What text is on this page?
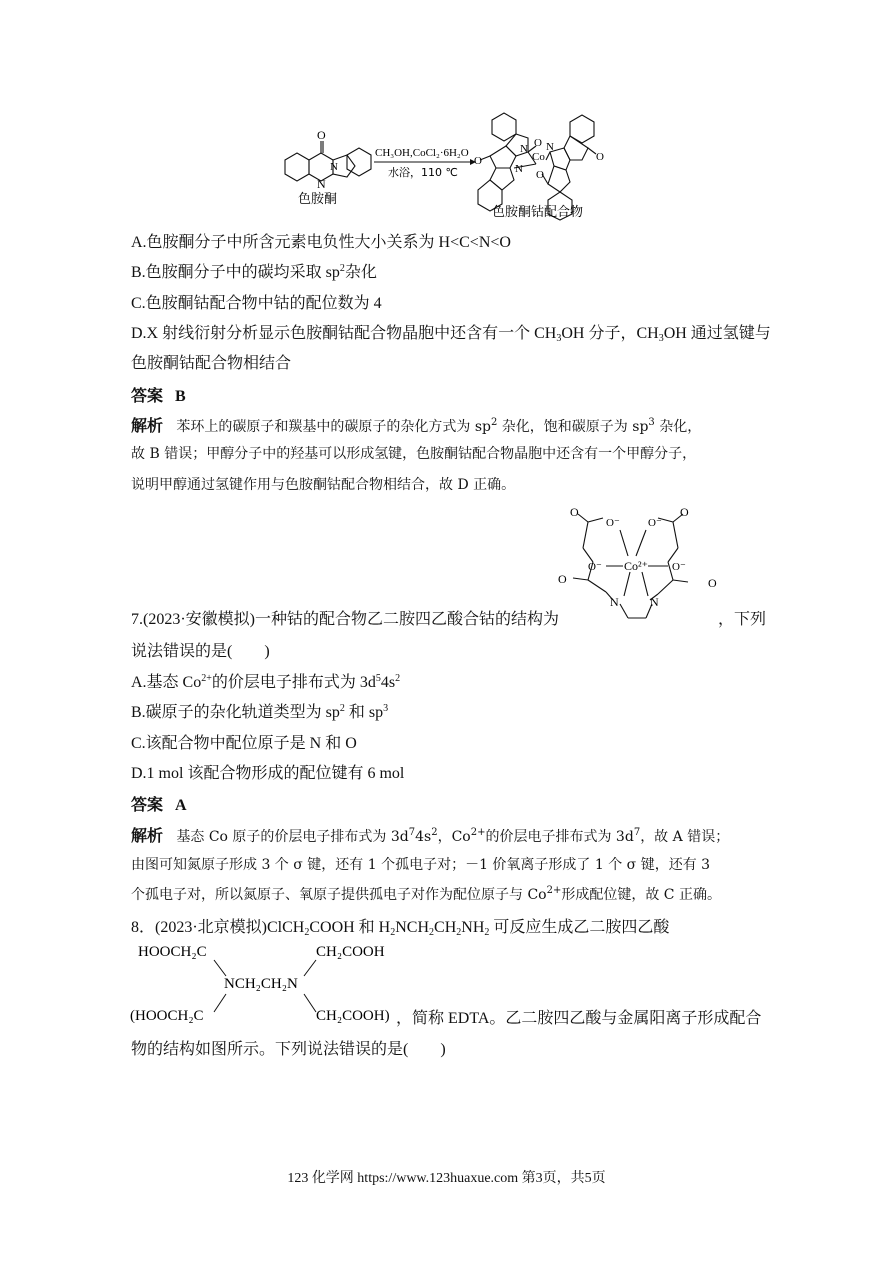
O
N
N
色胺酮
CH₃OH,CoCl₂·6H₂O
水浴，110 ℃
O
N O
Co
N
O
N
O
色胺酮钴配合物
A.色胺酮分子中所含元素电负性大小关系为 H<C<N<O
B.色胺酮分子中的碳均采取 $sp^2$杂化
C.色胺酮钴配合物中钴的配位数为 4
D.X 射线衍射分析显示色胺酮钴配合物晶胞中还含有一个 $CH_3OH$ 分子，$CH_3OH$ 通过氢键与
色胺酮钴配合物相结合
答案 B
解析 苯环上的碳原子和羰基中的碳原子的杂化方式为 $sp^2$ 杂化，饱和碳原子为 $sp^3$ 杂化，
故 B 错误；甲醇分子中的羟基可以形成氢键，色胺酮钴配合物晶胞中还含有一个甲醇分子，
说明甲醇通过氢键作用与色胺酮钴配合物相结合，故 D 正确。
O
O⁻	O⁻
O
O⁻ Co²⁺ O⁻
O	O
N	N
7.(2023·安徽模拟)一种钴的配合物乙二胺四乙酸合钴的结构为	，下列
说法错误的是(　　)
A.基态 $Co^{2+}$的价层电子排布式为 $3d^54s^2$
B.碳原子的杂化轨道类型为 $sp^2$ 和 $sp^3$
C.该配合物中配位原子是 N 和 O
D.1 mol 该配合物形成的配位键有 6 mol
答案 A
解析 基态 Co 原子的价层电子排布式为 $3d^74s^2$，$Co^{2+}$的价层电子排布式为 $3d^7$，故 A 错误；
由图可知氮原子形成 3 个 σ 键，还有 1 个孤电子对；－1 价氧离子形成了 1 个 σ 键，还有 3
个孤电子对，所以氮原子、氧原子提供孤电子对作为配位原子与 $Co^{2+}$形成配位键，故 C 正确。
8．(2023·北京模拟)ClCH$_2$COOH 和 $H_2NCH_2CH_2NH_2$ 可反应生成乙二胺四乙酸
HOOCH₂C	CH₂COOH
NCH₂CH₂N
(HOOCH₂C	CH₂COOH) ，简称 EDTA。乙二胺四乙酸与金属阳离子形成配合
物的结构如图所示。下列说法错误的是(　　)
123 化学网 https://www.123huaxue.com 第3页，共5页
